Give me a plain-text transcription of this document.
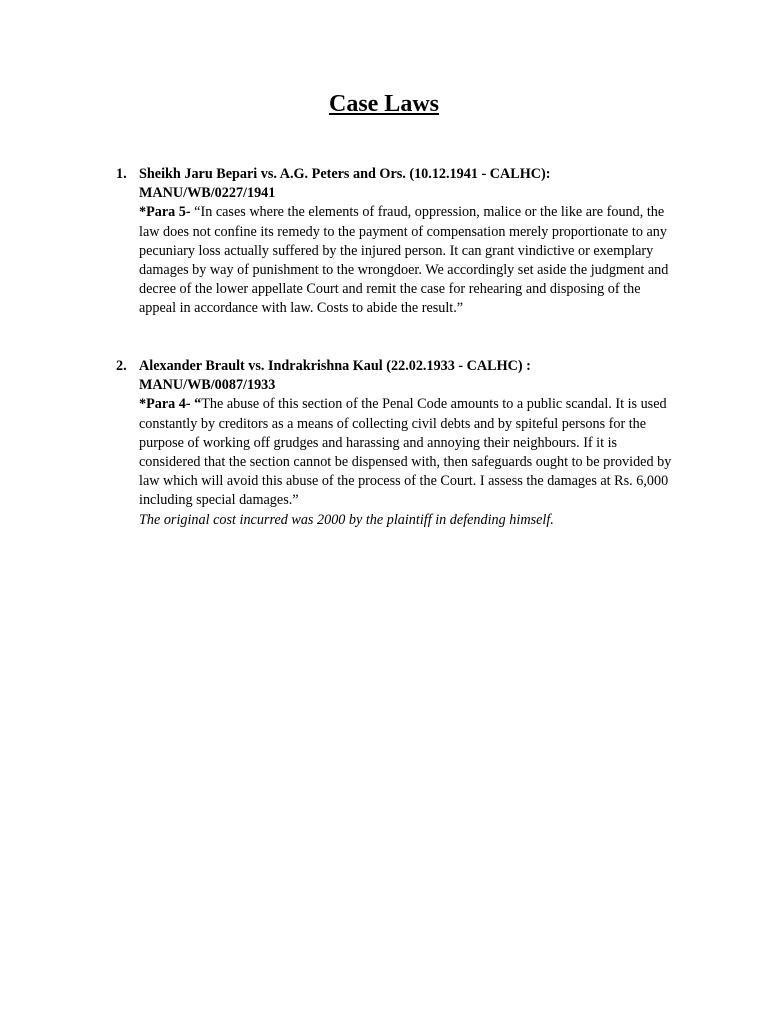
Case Laws
1. Sheikh Jaru Bepari vs. A.G. Peters and Ors. (10.12.1941 - CALHC):
MANU/WB/0227/1941
*Para 5- “In cases where the elements of fraud, oppression, malice or the like are found, the law does not confine its remedy to the payment of compensation merely proportionate to any pecuniary loss actually suffered by the injured person. It can grant vindictive or exemplary damages by way of punishment to the wrongdoer. We accordingly set aside the judgment and decree of the lower appellate Court and remit the case for rehearing and disposing of the appeal in accordance with law. Costs to abide the result.”
2. Alexander Brault vs. Indrakrishna Kaul (22.02.1933 - CALHC) :
MANU/WB/0087/1933
*Para 4- “The abuse of this section of the Penal Code amounts to a public scandal. It is used constantly by creditors as a means of collecting civil debts and by spiteful persons for the purpose of working off grudges and harassing and annoying their neighbours. If it is considered that the section cannot be dispensed with, then safeguards ought to be provided by law which will avoid this abuse of the process of the Court. I assess the damages at Rs. 6,000 including special damages.”
The original cost incurred was 2000 by the plaintiff in defending himself.
